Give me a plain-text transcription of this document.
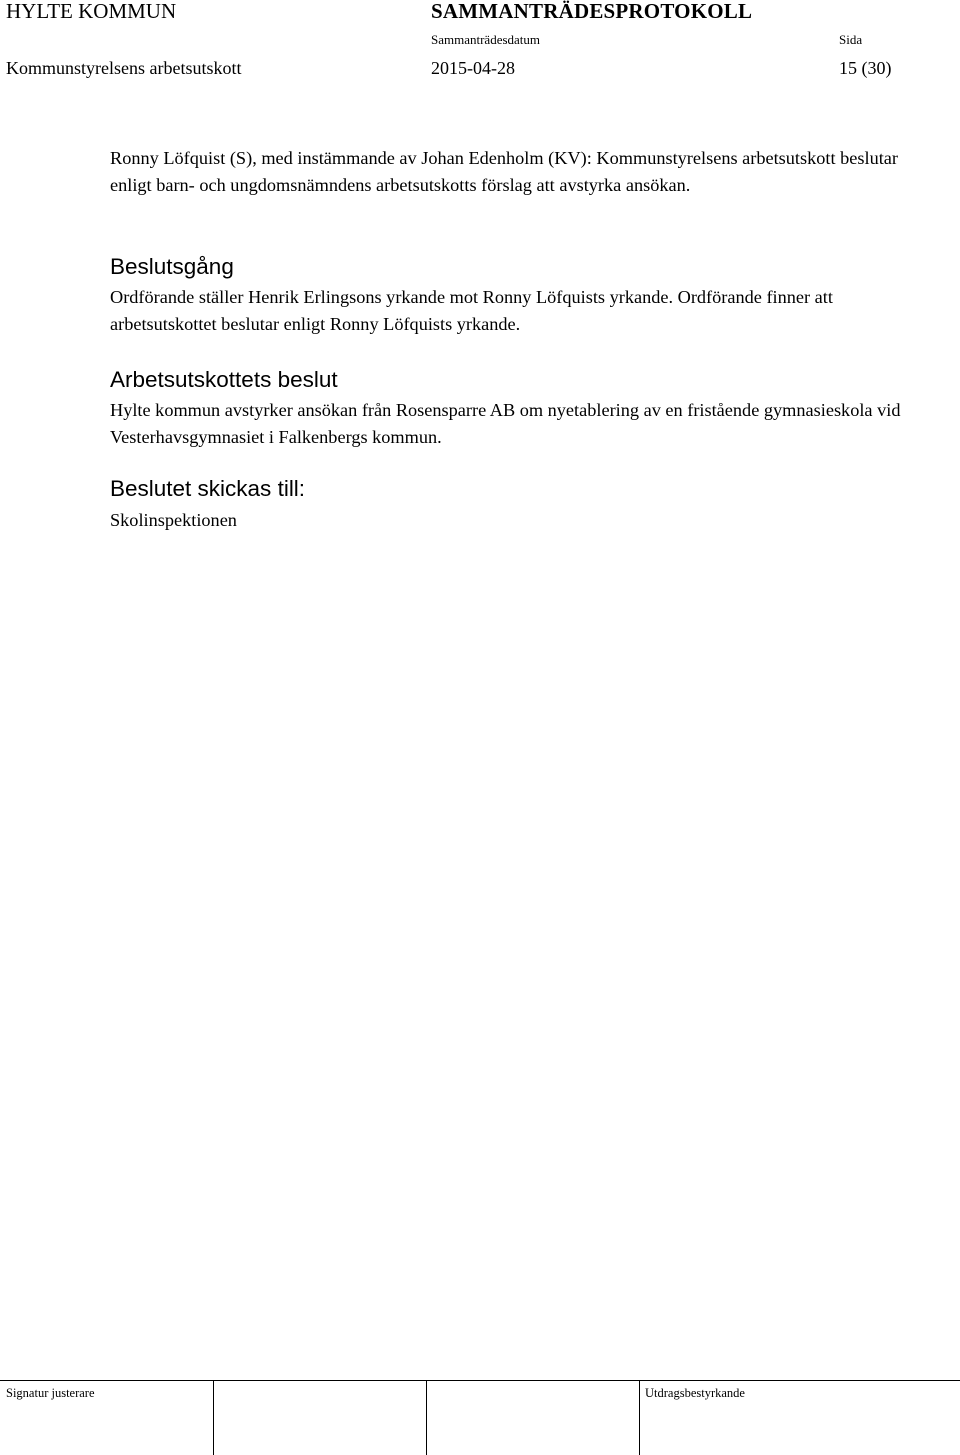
HYLTE KOMMUN	SAMMANTRÄDESPROTOKOLL
Sammanträdesdatum	Sida
Kommunstyrelsens arbetsutskott	2015-04-28	15 (30)

Ronny Löfquist (S), med instämmande av Johan Edenholm (KV): Kommunstyrelsens arbetsutskott beslutar enligt barn- och ungdomsnämndens arbetsutskotts förslag att avstyrka ansökan.

Beslutsgång

Ordförande ställer Henrik Erlingsons yrkande mot Ronny Löfquists yrkande. Ordförande finner att arbetsutskottet beslutar enligt Ronny Löfquists yrkande.

Arbetsutskottets beslut

Hylte kommun avstyrker ansökan från Rosensparre AB om nyetablering av en fristående gymnasieskola vid Vesterhavsgymnasiet i Falkenbergs kommun.

Beslutet skickas till:

Skolinspektionen

Signatur justerare	Utdragsbestyrkande
